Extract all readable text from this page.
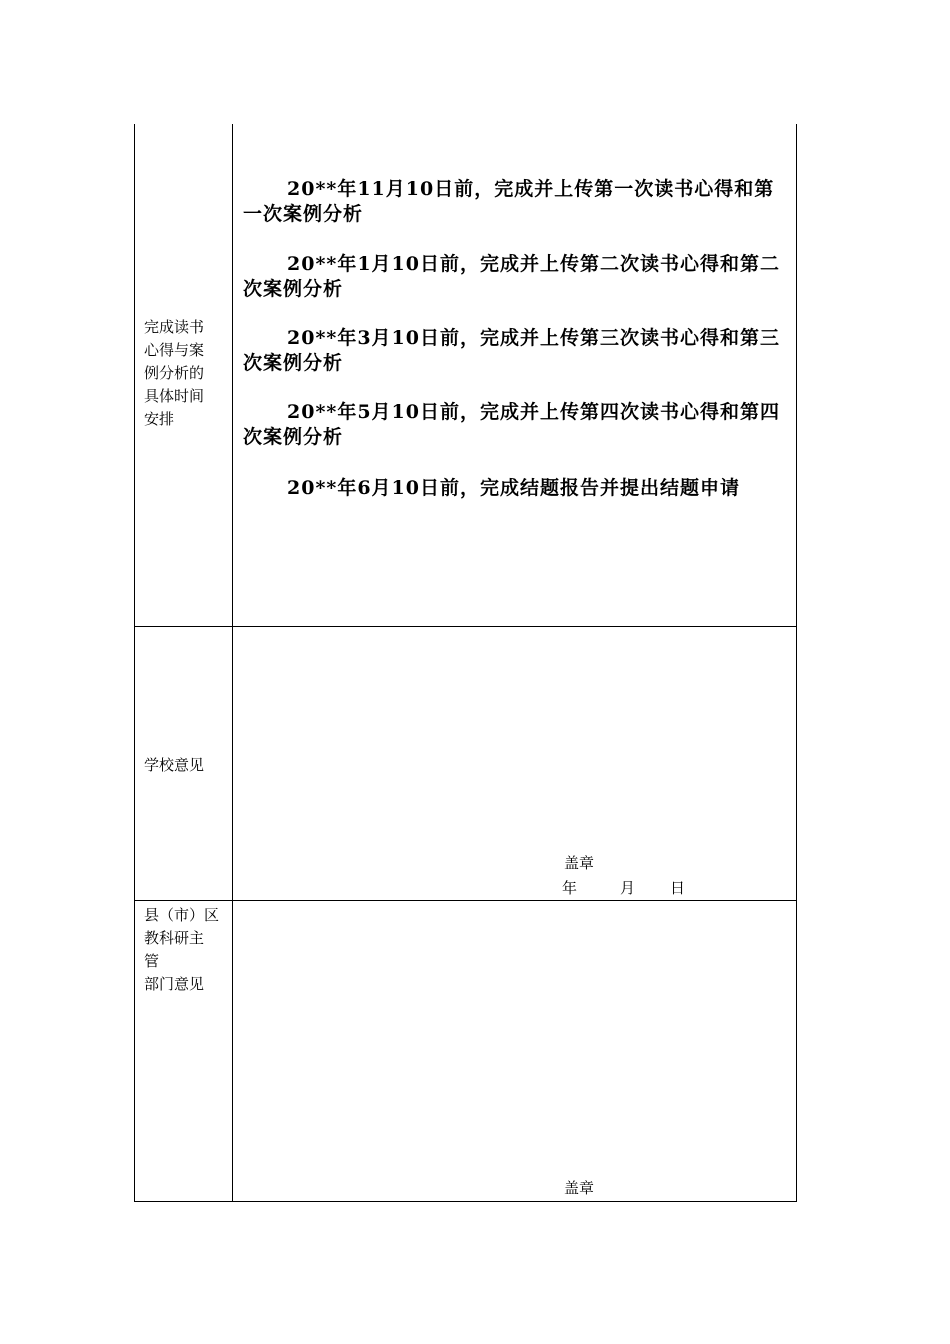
完成读书
心得与案
例分析的
具体时间
安排

20**年11月10日前，完成并上传第一次读书心得和第一次案例分析

20**年1月10日前，完成并上传第二次读书心得和第二次案例分析

20**年3月10日前，完成并上传第三次读书心得和第三次案例分析

20**年5月10日前，完成并上传第四次读书心得和第四次案例分析

20**年6月10日前，完成结题报告并提出结题申请

学校意见
盖章
年	月 日
县（市）区
教科研主
管
部门意见
盖章
